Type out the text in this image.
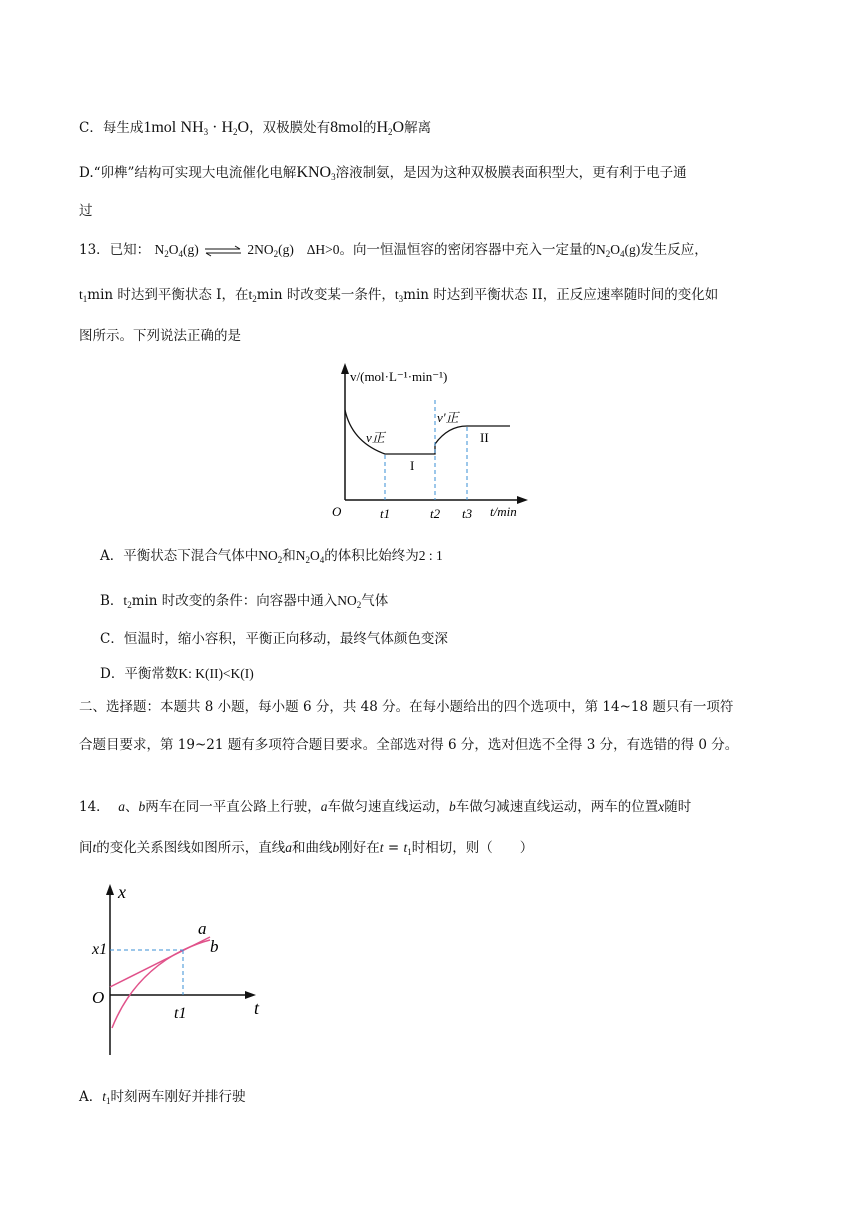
C．每生成1mol $NH_3 \cdot H_2O$，双极膜处有8mol的$H_2O$解离
D.“卯榫”结构可实现大电流催化电解$KNO_3$溶液制氨，是因为这种双极膜表面积型大，更有利于电子通
过
13．已知： $N_2O_4(g)$ ⇌ $2NO_2(g)$ ΔH>0。向一恒温恒容的密闭容器中充入一定量的$N_2O_4(g)$发生反应，
$t_1\min$ 时达到平衡状态 I，在$t_2\min$ 时改变某一条件，$t_3\min$ 时达到平衡状态 II，正反应速率随时间的变化如
图所示。下列说法正确的是
v/(mol·L⁻¹·min⁻¹)
t/min
O
v正
v'正
I
II
t1	t2 t3
A．平衡状态下混合气体中$NO_2$和$N_2O_4$的体积比始终为2 : 1
B．$t_2\min$ 时改变的条件：向容器中通入$NO_2$气体
C．恒温时，缩小容积，平衡正向移动，最终气体颜色变深
D．平衡常数K: K(II)<K(I)
二、选择题：本题共 8 小题，每小题 6 分，共 48 分。在每小题给出的四个选项中，第 14~18 题只有一项符
合题目要求，第 19~21 题有多项符合题目要求。全部选对得 6 分，选对但选不全得 3 分，有选错的得 0 分。
14． a、b两车在同一平直公路上行驶，a车做匀速直线运动，b车做匀减速直线运动，两车的位置x随时
间t的变化关系图线如图所示，直线a和曲线b刚好在$t = t_1$时相切，则（　　）
x
t
O
x1
t1
a
b
A．$t_1$时刻两车刚好并排行驶
